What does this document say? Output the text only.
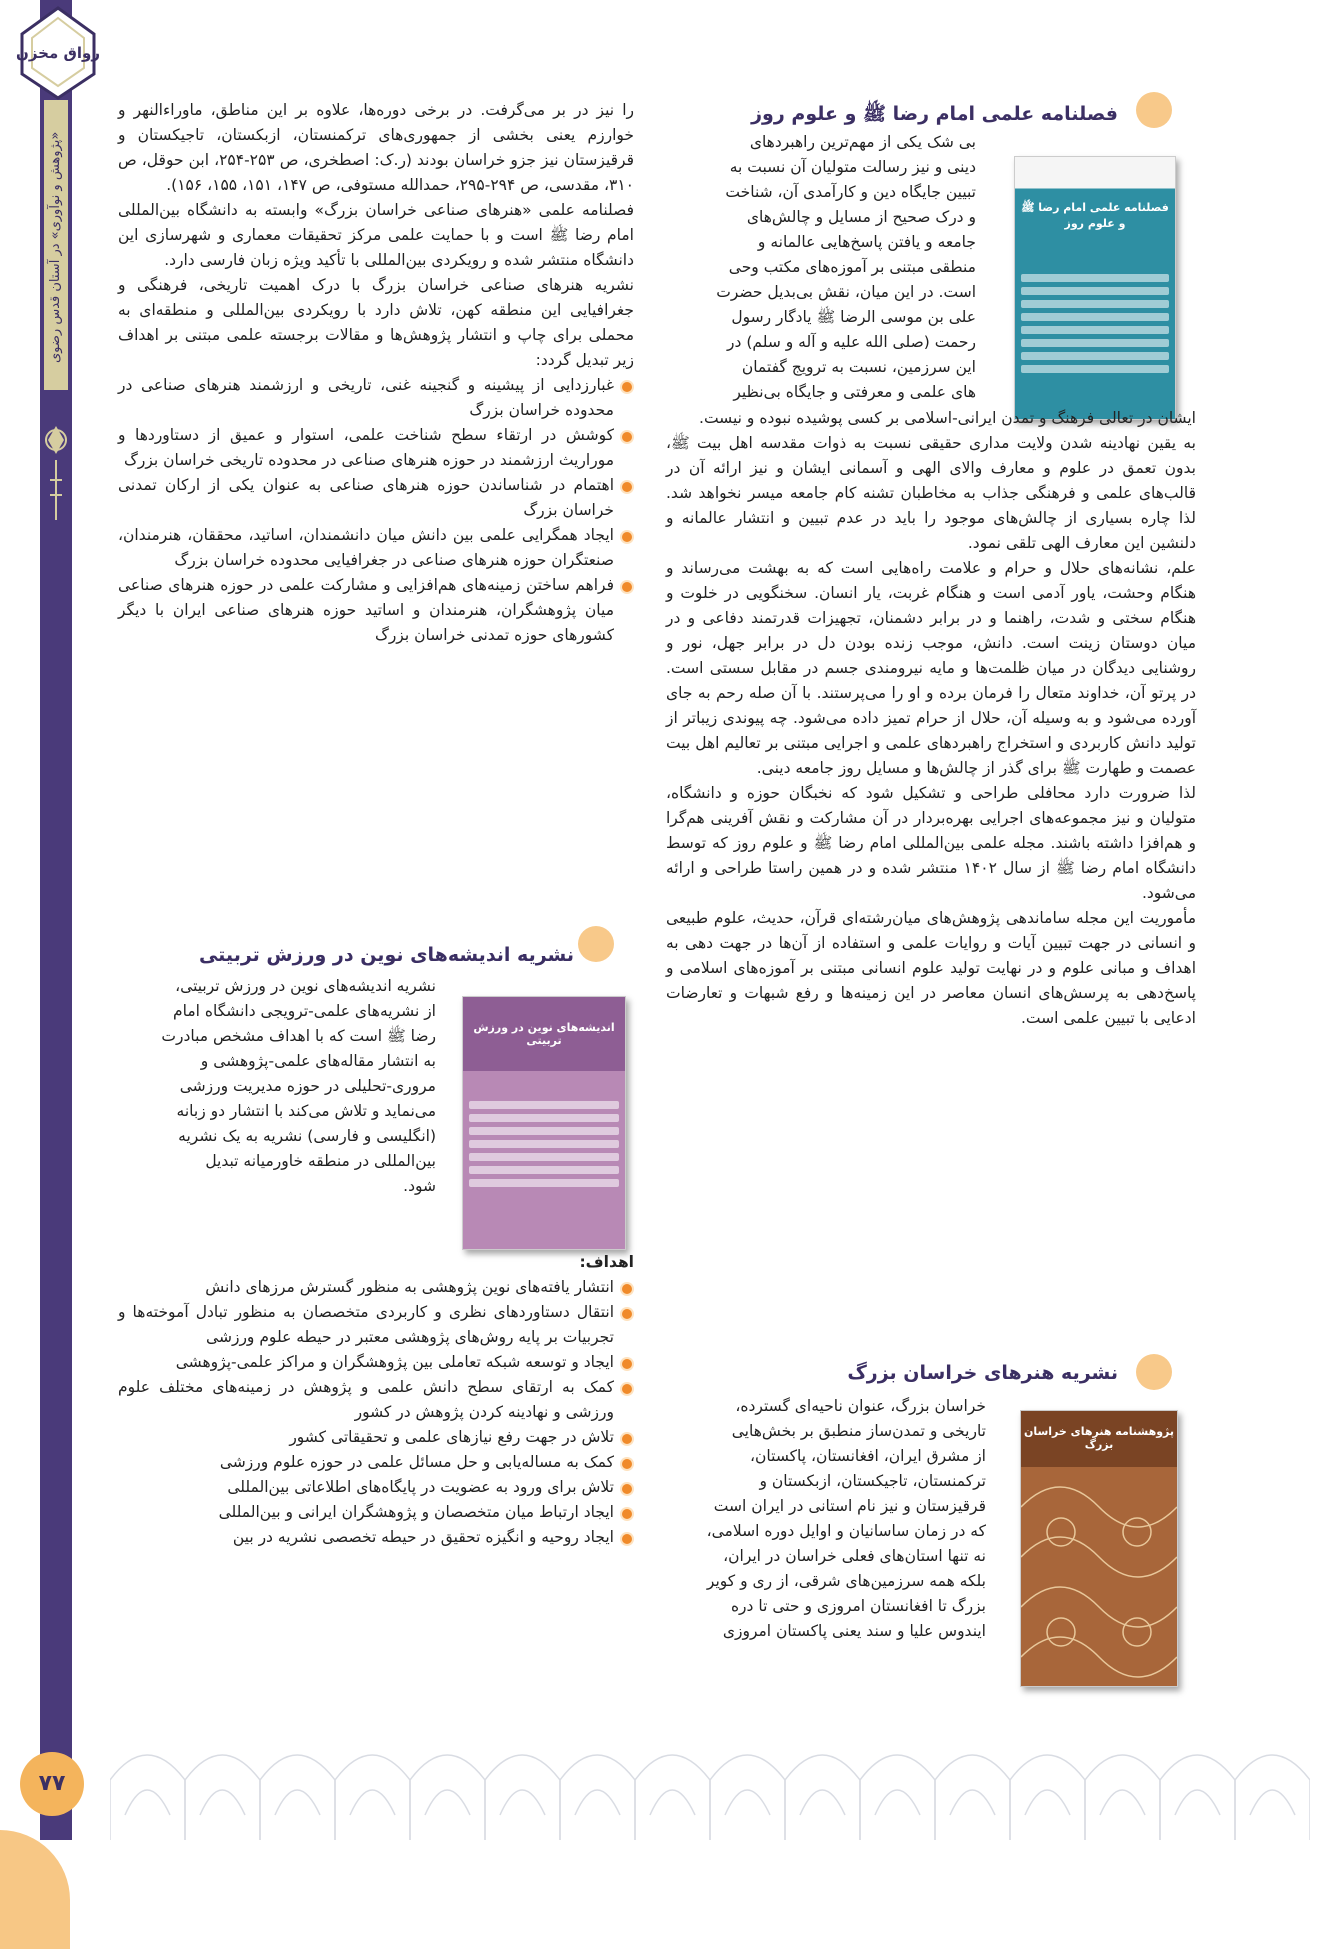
«پژوهش و نوآوری» در آستان قدس رضوی
رواق مخزن
۷۷
فصلنامه علمی امام رضا ﷺ و علوم روز
فصلنامه علمی امام رضا ﷺ و علوم روز

بی شک یکی از مهم‌ترین راهبردهای

دینی و نیز رسالت متولیان آن نسبت به

تبیین جایگاه دین و کارآمدی آن، شناخت

و درک صحیح از مسایل و چالش‌های

جامعه و یافتن پاسخ‌هایی عالمانه و

منطقی مبتنی بر آموزه‌های مکتب وحی

است. در این میان، نقش بی‌بدیل حضرت

علی بن موسی الرضا ﷺ یادگار رسول

رحمت (صلی الله علیه و آله و سلم) در

این سرزمین، نسبت به ترویج گفتمان

های علمی و معرفتی و جایگاه بی‌نظیر

ایشان در تعالی فرهنگ و تمدن ایرانی-اسلامی بر کسی پوشیده نبوده و نیست.

به یقین نهادینه شدن ولایت مداری حقیقی نسبت به ذوات مقدسه اهل بیت ﷺ، بدون تعمق در علوم و معارف والای الهی و آسمانی ایشان و نیز ارائه آن در قالب‌های علمی و فرهنگی جذاب به مخاطبان تشنه کام جامعه میسر نخواهد شد. لذا چاره بسیاری از چالش‌های موجود را باید در عدم تبیین و انتشار عالمانه و دلنشین این معارف الهی تلقی نمود.

علم، نشانه‌های حلال و حرام و علامت راه‌هایی است که به بهشت می‌رساند و هنگام وحشت، یاور آدمی است و هنگام غربت، یار انسان. سخنگویی در خلوت و هنگام سختی و شدت، راهنما و در برابر دشمنان، تجهیزات قدرتمند دفاعی و در میان دوستان زینت است. دانش، موجب زنده بودن دل در برابر جهل، نور و روشنایی دیدگان در میان ظلمت‌ها و مایه نیرومندی جسم در مقابل سستی است. در پرتو آن، خداوند متعال را فرمان برده و او را می‌پرستند. با آن صله رحم به جای آورده می‌شود و به وسیله آن، حلال از حرام تمیز داده می‌شود. چه پیوندی زیباتر از تولید دانش کاربردی و استخراج راهبردهای علمی و اجرایی مبتنی بر تعالیم اهل بیت عصمت و طهارت ﷺ برای گذر از چالش‌ها و مسایل روز جامعه دینی.

لذا ضرورت دارد محافلی طراحی و تشکیل شود که نخبگان حوزه و دانشگاه، متولیان و نیز مجموعه‌های اجرایی بهره‌بردار در آن مشارکت و نقش آفرینی هم‌گرا و هم‌افزا داشته باشند. مجله علمی بین‌المللی امام رضا ﷺ و علوم روز که توسط دانشگاه امام رضا ﷺ از سال ۱۴۰۲ منتشر شده و در همین راستا طراحی و ارائه می‌شود.

مأموریت این مجله ساماندهی پژوهش‌های میان‌رشته‌ای قرآن، حدیث، علوم طبیعی و انسانی در جهت تبیین آیات و روایات علمی و استفاده از آن‌ها در جهت دهی به اهداف و مبانی علوم و در نهایت تولید علوم انسانی مبتنی بر آموزه‌های اسلامی و پاسخ‌دهی به پرسش‌های انسان معاصر در این زمینه‌ها و رفع شبهات و تعارضات ادعایی با تبیین علمی است.

نشریه هنرهای خراسان بزرگ
پژوهشنامه هنرهای خراسان بزرگ

خراسان بزرگ، عنوان ناحیه‌ای گسترده،

تاریخی و تمدن‌ساز منطبق بر بخش‌هایی

از مشرق ایران، افغانستان، پاکستان،

ترکمنستان، تاجیکستان، ازبکستان و

قرقیزستان و نیز نام استانی در ایران است

که در زمان ساسانیان و اوایل دوره اسلامی،

نه تنها استان‌های فعلی خراسان در ایران،

بلکه همه سرزمین‌های شرقی، از ری و کویر

بزرگ تا افغانستان امروزی و حتی تا دره

ایندوس علیا و سند یعنی پاکستان امروزی

را نیز در بر می‌گرفت. در برخی دوره‌ها، علاوه بر این مناطق، ماوراءالنهر و خوارزم یعنی بخشی از جمهوری‌های ترکمنستان، ازبکستان، تاجیکستان و قرقیزستان نیز جزو خراسان بودند (ر.ک: اصطخری، ص ۲۵۳-۲۵۴، ابن حوقل، ص ۳۱۰، مقدسی، ص ۲۹۴-۲۹۵، حمدالله مستوفی، ص ۱۴۷، ۱۵۱، ۱۵۵، ۱۵۶).

فصلنامه علمی «هنرهای صناعی خراسان بزرگ» وابسته به دانشگاه بین‌المللی امام رضا ﷺ است و با حمایت علمی مرکز تحقیقات معماری و شهرسازی این دانشگاه منتشر شده و رویکردی بین‌المللی با تأکید ویژه زبان فارسی دارد.

نشریه هنرهای صناعی خراسان بزرگ با درک اهمیت تاریخی، فرهنگی و جغرافیایی این منطقه کهن، تلاش دارد با رویکردی بین‌المللی و منطقه‌ای به محملی برای چاپ و انتشار پژوهش‌ها و مقالات برجسته علمی مبتنی بر اهداف زیر تبدیل گردد:

غبارزدایی از پیشینه و گنجینه غنی، تاریخی و ارزشمند هنرهای صناعی در محدوده خراسان بزرگ
کوشش در ارتقاء سطح شناخت علمی، استوار و عمیق از دستاوردها و موراریث ارزشمند در حوزه هنرهای صناعی در محدوده تاریخی خراسان بزرگ
اهتمام در شناساندن حوزه هنرهای صناعی به عنوان یکی از ارکان تمدنی خراسان بزرگ
ایجاد همگرایی علمی بین دانش میان دانشمندان، اساتید، محققان، هنرمندان، صنعتگران حوزه هنرهای صناعی در جغرافیایی محدوده خراسان بزرگ
فراهم ساختن زمینه‌های هم‌افزایی و مشارکت علمی در حوزه هنرهای صناعی میان پژوهشگران، هنرمندان و اساتید حوزه هنرهای صناعی ایران با دیگر کشورهای حوزه تمدنی خراسان بزرگ
نشریه اندیشه‌های نوین در ورزش تربیتی
اندیشه‌های نوین در ورزش تربیتی

نشریه اندیشه‌های نوین در ورزش تربیتی،

از نشریه‌های علمی-ترویجی دانشگاه امام

رضا ﷺ است که با اهداف مشخص مبادرت

به انتشار مقاله‌های علمی-پژوهشی و

مروری-تحلیلی در حوزه مدیریت ورزشی

می‌نماید و تلاش می‌کند با انتشار دو زبانه

(انگلیسی و فارسی) نشریه به یک نشریه

بین‌المللی در منطقه خاورمیانه تبدیل

شود.

اهداف:

انتشار یافته‌های نوین پژوهشی به منظور گسترش مرزهای دانش
انتقال دستاوردهای نظری و کاربردی متخصصان به منظور تبادل آموخته‌ها و تجربیات بر پایه روش‌های پژوهشی معتبر در حیطه علوم ورزشی
ایجاد و توسعه شبکه تعاملی بین پژوهشگران و مراکز علمی-پژوهشی
کمک به ارتقای سطح دانش علمی و پژوهش در زمینه‌های مختلف علوم ورزشی و نهادینه کردن پژوهش در کشور
تلاش در جهت رفع نیازهای علمی و تحقیقاتی کشور
کمک به مساله‌یابی و حل مسائل علمی در حوزه علوم ورزشی
تلاش برای ورود به عضویت در پایگاه‌های اطلاعاتی بین‌المللی
ایجاد ارتباط میان متخصصان و پژوهشگران ایرانی و بین‌المللی
ایجاد روحیه و انگیزه تحقیق در حیطه تخصصی نشریه در بین
